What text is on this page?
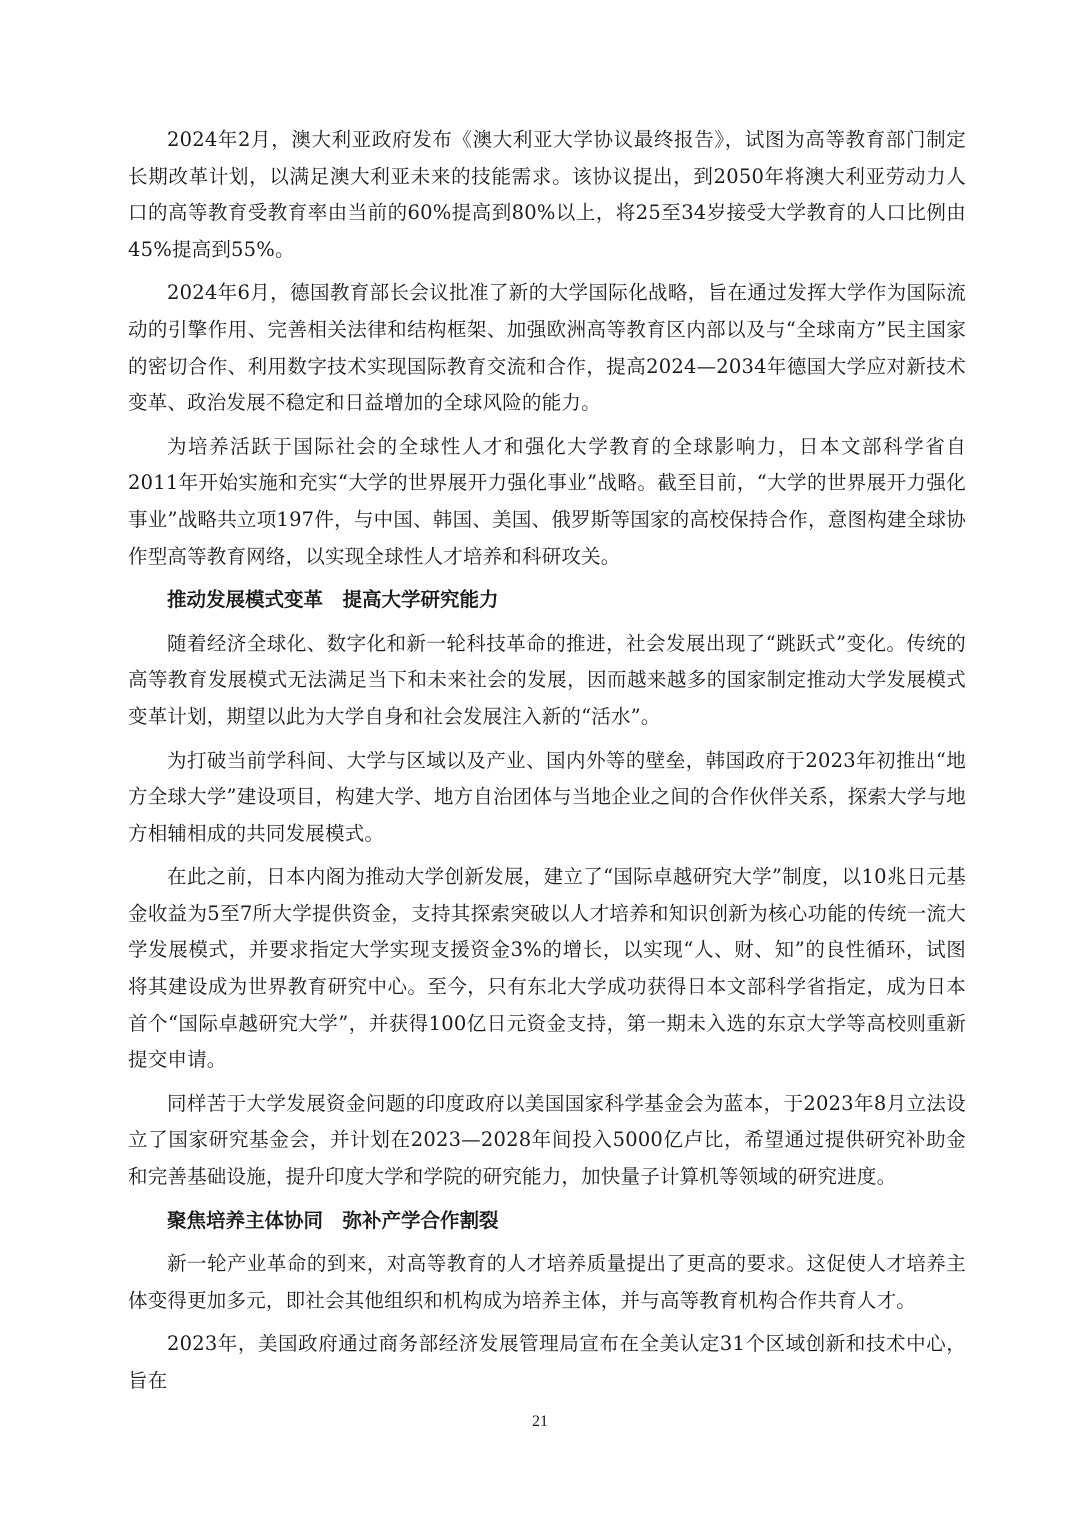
2024年2月，澳大利亚政府发布《澳大利亚大学协议最终报告》，试图为高等教育部门制定长期改革计划，以满足澳大利亚未来的技能需求。该协议提出，到2050年将澳大利亚劳动力人口的高等教育受教育率由当前的60%提高到80%以上，将25至34岁接受大学教育的人口比例由45%提高到55%。

2024年6月，德国教育部长会议批准了新的大学国际化战略，旨在通过发挥大学作为国际流动的引擎作用、完善相关法律和结构框架、加强欧洲高等教育区内部以及与“全球南方”民主国家的密切合作、利用数字技术实现国际教育交流和合作，提高2024—2034年德国大学应对新技术变革、政治发展不稳定和日益增加的全球风险的能力。

为培养活跃于国际社会的全球性人才和强化大学教育的全球影响力，日本文部科学省自2011年开始实施和充实“大学的世界展开力强化事业”战略。截至目前，“大学的世界展开力强化事业”战略共立项197件，与中国、韩国、美国、俄罗斯等国家的高校保持合作，意图构建全球协作型高等教育网络，以实现全球性人才培养和科研攻关。

推动发展模式变革　提高大学研究能力

随着经济全球化、数字化和新一轮科技革命的推进，社会发展出现了“跳跃式”变化。传统的高等教育发展模式无法满足当下和未来社会的发展，因而越来越多的国家制定推动大学发展模式变革计划，期望以此为大学自身和社会发展注入新的“活水”。

为打破当前学科间、大学与区域以及产业、国内外等的壁垒，韩国政府于2023年初推出“地方全球大学”建设项目，构建大学、地方自治团体与当地企业之间的合作伙伴关系，探索大学与地方相辅相成的共同发展模式。

在此之前，日本内阁为推动大学创新发展，建立了“国际卓越研究大学”制度，以10兆日元基金收益为5至7所大学提供资金，支持其探索突破以人才培养和知识创新为核心功能的传统一流大学发展模式，并要求指定大学实现支援资金3%的增长，以实现“人、财、知”的良性循环，试图将其建设成为世界教育研究中心。至今，只有东北大学成功获得日本文部科学省指定，成为日本首个“国际卓越研究大学”，并获得100亿日元资金支持，第一期未入选的东京大学等高校则重新提交申请。

同样苦于大学发展资金问题的印度政府以美国国家科学基金会为蓝本，于2023年8月立法设立了国家研究基金会，并计划在2023—2028年间投入5000亿卢比，希望通过提供研究补助金和完善基础设施，提升印度大学和学院的研究能力，加快量子计算机等领域的研究进度。

聚焦培养主体协同　弥补产学合作割裂

新一轮产业革命的到来，对高等教育的人才培养质量提出了更高的要求。这促使人才培养主体变得更加多元，即社会其他组织和机构成为培养主体，并与高等教育机构合作共育人才。

2023年，美国政府通过商务部经济发展管理局宣布在全美认定31个区域创新和技术中心，旨在

21
